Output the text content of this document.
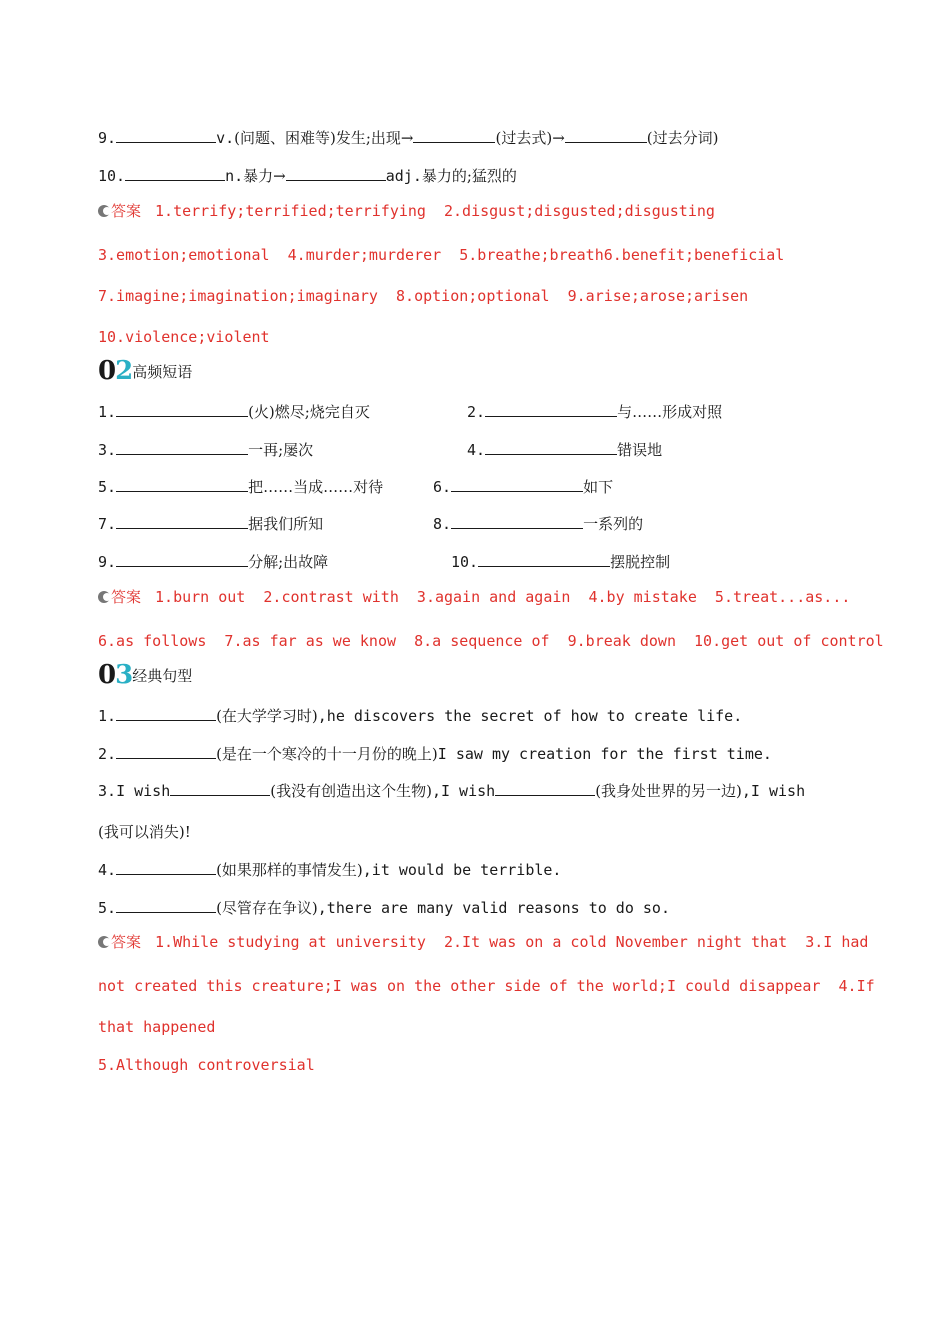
9.	v.(问题、困难等)发生;出现→	(过去式)→	(过去分词)
10.	n.暴力→	adj.暴力的;猛烈的
答案 1.terrify;terrified;terrifying  2.disgust;disgusted;disgusting
3.emotion;emotional  4.murder;murderer  5.breathe;breath6.benefit;beneficial
7.imagine;imagination;imaginary  8.option;optional  9.arise;arose;arisen
10.violence;violent
02高频短语
1.	(火)燃尽;烧完自灭	2.	与……形成对照
3.	一再;屡次	4.	错误地
5.	把……当成……对待	6.	如下
7.	据我们所知	8.	一系列的
9.	分解;出故障	10.	摆脱控制
答案 1.burn out  2.contrast with  3.again and again  4.by mistake  5.treat...as...
6.as follows  7.as far as we know  8.a sequence of  9.break down  10.get out of control
03经典句型
1.	(在大学学习时),he discovers the secret of how to create life.
2.	(是在一个寒冷的十一月份的晚上)I saw my creation for the first time.
3.I wish	(我没有创造出这个生物),I wish	(我身处世界的另一边),I wish
(我可以消失)!
4.	(如果那样的事情发生),it would be terrible.
5.	(尽管存在争议),there are many valid reasons to do so.
答案 1.While studying at university  2.It was on a cold November night that  3.I had
not created this creature;I was on the other side of the world;I could disappear  4.If
that happened
5.Although controversial
